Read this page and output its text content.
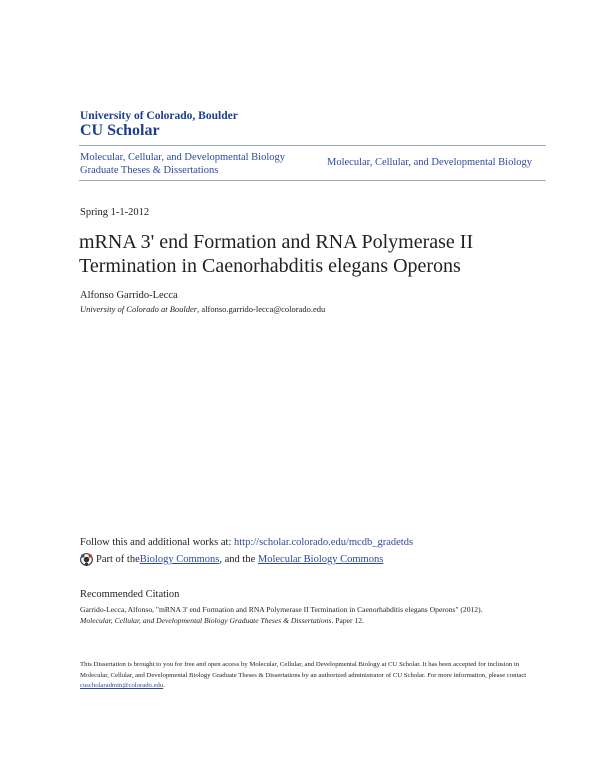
University of Colorado, Boulder
CU Scholar
Molecular, Cellular, and Developmental Biology
Graduate Theses & Dissertations
Molecular, Cellular, and Developmental Biology
Spring 1-1-2012
mRNA 3' end Formation and RNA Polymerase II
Termination in Caenorhabditis elegans Operons
Alfonso Garrido-Lecca
University of Colorado at Boulder, alfonso.garrido-lecca@colorado.edu
Follow this and additional works at: http://scholar.colorado.edu/mcdb_gradetds
Part of the Biology Commons , and the Molecular Biology Commons
Recommended Citation
Garrido-Lecca, Alfonso, "mRNA 3' end Formation and RNA Polymerase II Termination in Caenorhabditis elegans Operons" (2012).
Molecular, Cellular, and Developmental Biology Graduate Theses & Dissertations. Paper 12.
This Dissertation is brought to you for free and open access by Molecular, Cellular, and Developmental Biology at CU Scholar. It has been accepted for inclusion in Molecular, Cellular, and Developmental Biology Graduate Theses & Dissertations by an authorized administrator of CU Scholar. For more information, please contact cuscholaradmin@colorado.edu.
